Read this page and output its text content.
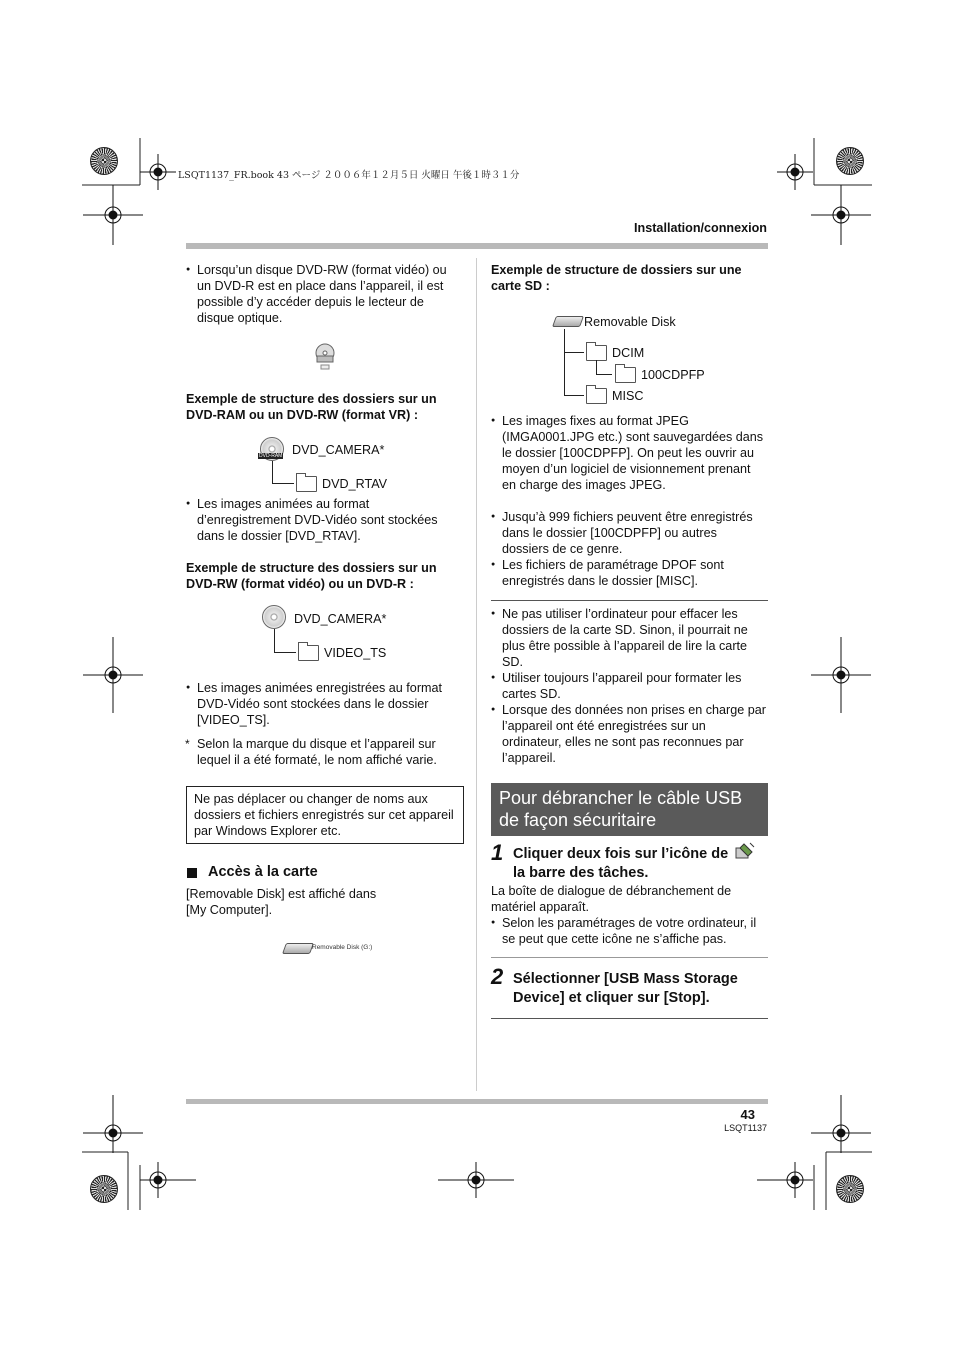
LSQT1137_FR.book 43 ページ ２００６年１２月５日 火曜日 午後１時３１分
Installation/connexion
● Lorsqu’un disque DVD-RW (format vidéo) ou un DVD-R est en place dans l’appareil, il est possible d’y accéder depuis le lecteur de disque optique.
Exemple de structure des dossiers sur un DVD-RAM ou un DVD-RW (format VR) :
DVD-RAM DVD_CAMERA*
DVD_RTAV
● Les images animées au format d’enregistrement DVD-Vidéo sont stockées dans le dossier [DVD_RTAV].
Exemple de structure des dossiers sur un DVD-RW (format vidéo) ou un DVD-R :
DVD_CAMERA*
VIDEO_TS
● Les images animées enregistrées au format DVD-Vidéo sont stockées dans le dossier [VIDEO_TS].
* Selon la marque du disque et l’appareil sur lequel il a été formaté, le nom affiché varie.
Ne pas déplacer ou changer de noms aux dossiers et fichiers enregistrés sur cet appareil par Windows Explorer etc.
Accès à la carte
[Removable Disk] est affiché dans [My Computer].
Removable Disk (G:)
Exemple de structure de dossiers sur une carte SD :
Removable Disk
DCIM
100CDPFP
MISC
● Les images fixes au format JPEG (IMGA0001.JPG etc.) sont sauvegardées dans le dossier [100CDPFP]. On peut les ouvrir au moyen d’un logiciel de visionnement prenant en charge des images JPEG.
● Jusqu’à 999 fichiers peuvent être enregistrés dans le dossier [100CDPFP] ou autres dossiers de ce genre.
● Les fichiers de paramétrage DPOF sont enregistrés dans le dossier [MISC].
● Ne pas utiliser l’ordinateur pour effacer les dossiers de la carte SD. Sinon, il pourrait ne plus être possible à l’appareil de lire la carte SD.
● Utiliser toujours l’appareil pour formater les cartes SD.
● Lorsque des données non prises en charge par l’appareil ont été enregistrées sur un ordinateur, elles ne sont pas reconnues par l’appareil.
Pour débrancher le câble USB de façon sécuritaire
1 Cliquer deux fois sur l’icône de la barre des tâches.
La boîte de dialogue de débranchement de matériel apparaît.
● Selon les paramétrages de votre ordinateur, il se peut que cette icône ne s’affiche pas.
2 Sélectionner [USB Mass Storage Device] et cliquer sur [Stop].
43
LSQT1137
